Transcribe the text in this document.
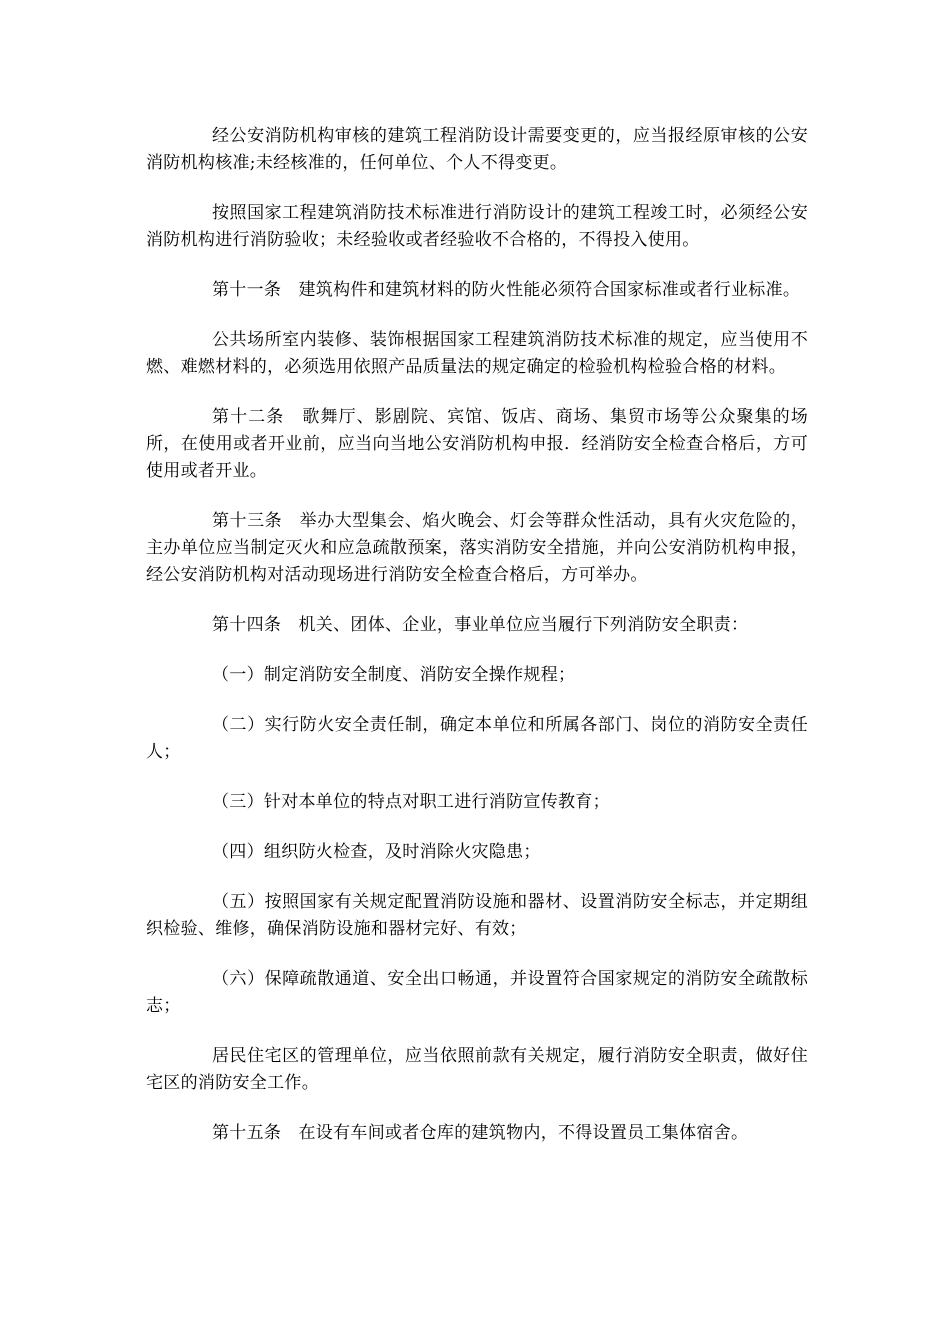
经公安消防机构审核的建筑工程消防设计需要变更的，应当报经原审核的公安消防机构核准;未经核准的，任何单位、个人不得变更。

按照国家工程建筑消防技术标准进行消防设计的建筑工程竣工时，必须经公安消防机构进行消防验收；未经验收或者经验收不合格的，不得投入使用。

第十一条　建筑构件和建筑材料的防火性能必须符合国家标准或者行业标准。

公共场所室内装修、装饰根据国家工程建筑消防技术标准的规定，应当使用不燃、难燃材料的，必须选用依照产品质量法的规定确定的检验机构检验合格的材料。

第十二条　歌舞厅、影剧院、宾馆、饭店、商场、集贸市场等公众聚集的场所，在使用或者开业前，应当向当地公安消防机构申报．经消防安全检查合格后，方可使用或者开业。

第十三条　举办大型集会、焰火晚会、灯会等群众性活动，具有火灾危险的，主办单位应当制定灭火和应急疏散预案，落实消防安全措施，并向公安消防机构申报，经公安消防机构对活动现场进行消防安全检查合格后，方可举办。

第十四条　机关、团体、企业，事业单位应当履行下列消防安全职责：

（一）制定消防安全制度、消防安全操作规程；

（二）实行防火安全责任制，确定本单位和所属各部门、岗位的消防安全责任人；

（三）针对本单位的特点对职工进行消防宣传教育；

（四）组织防火检查，及时消除火灾隐患；

（五）按照国家有关规定配置消防设施和器材、设置消防安全标志，并定期组织检验、维修，确保消防设施和器材完好、有效；

（六）保障疏散通道、安全出口畅通，并设置符合国家规定的消防安全疏散标志；

居民住宅区的管理单位，应当依照前款有关规定，履行消防安全职责，做好住宅区的消防安全工作。

第十五条　在设有车间或者仓库的建筑物内，不得设置员工集体宿舍。
